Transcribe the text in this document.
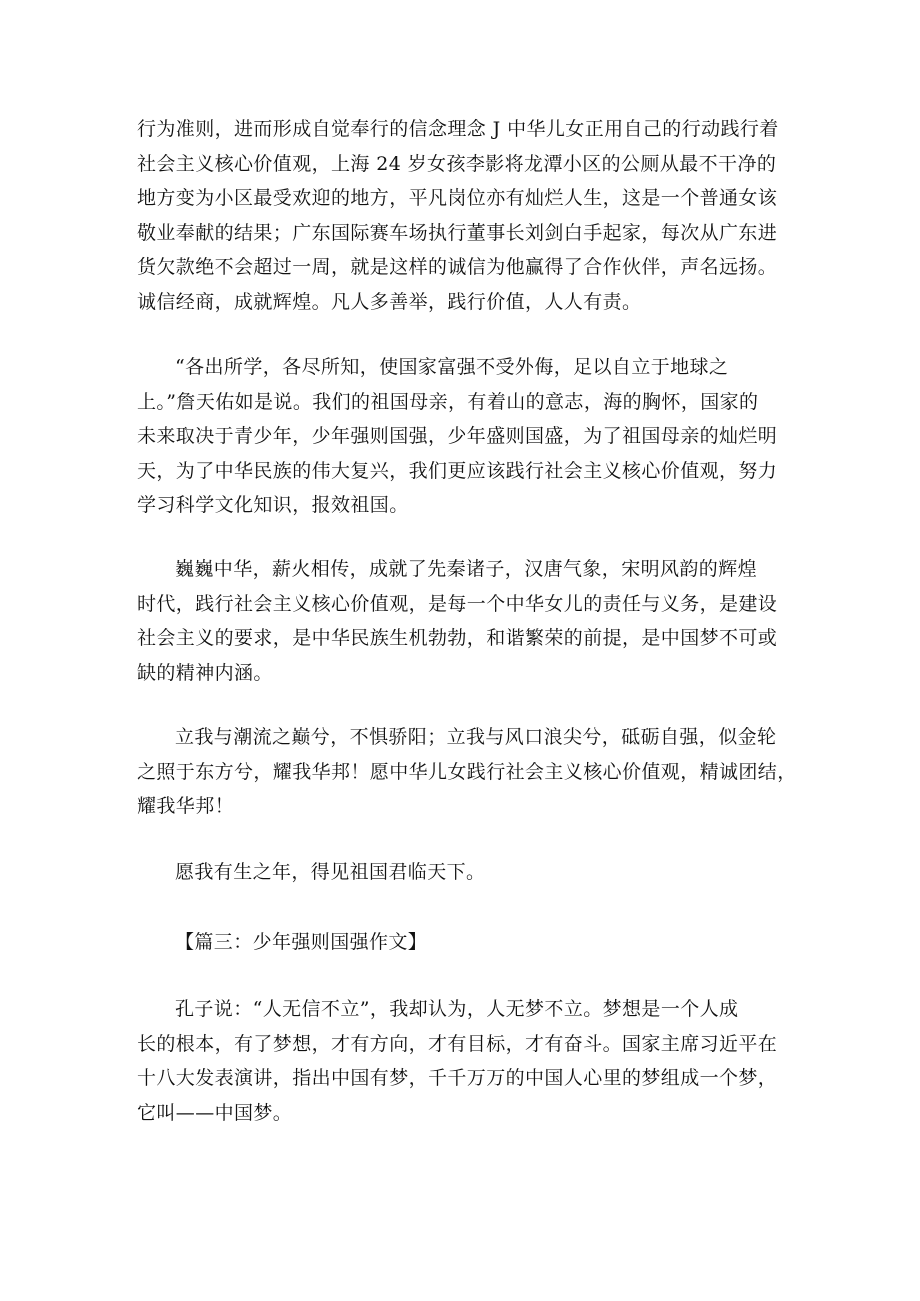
行为准则，进而形成自觉奉行的信念理念 J 中华儿女正用自己的行动践行着
社会主义核心价值观，上海 24 岁女孩李影将龙潭小区的公厕从最不干净的
地方变为小区最受欢迎的地方，平凡岗位亦有灿烂人生，这是一个普通女该
敬业奉献的结果；广东国际赛车场执行董事长刘剑白手起家，每次从广东进
货欠款绝不会超过一周，就是这样的诚信为他赢得了合作伙伴，声名远扬。
诚信经商，成就辉煌。凡人多善举，践行价值，人人有责。
“各出所学，各尽所知，使国家富强不受外侮，足以自立于地球之
上。”詹天佑如是说。我们的祖国母亲，有着山的意志，海的胸怀，国家的
未来取决于青少年，少年强则国强，少年盛则国盛，为了祖国母亲的灿烂明
天，为了中华民族的伟大复兴，我们更应该践行社会主义核心价值观，努力
学习科学文化知识，报效祖国。
巍巍中华，薪火相传，成就了先秦诸子，汉唐气象，宋明风韵的辉煌
时代，践行社会主义核心价值观，是每一个中华女儿的责任与义务，是建设
社会主义的要求，是中华民族生机勃勃，和谐繁荣的前提，是中国梦不可或
缺的精神内涵。
立我与潮流之巅兮，不惧骄阳；立我与风口浪尖兮，砥砺自强，似金轮
之照于东方兮，耀我华邦！愿中华儿女践行社会主义核心价值观，精诚团结，
耀我华邦！
愿我有生之年，得见祖国君临天下。
【篇三：少年强则国强作文】
孔子说：“人无信不立”，我却认为，人无梦不立。梦想是一个人成
长的根本，有了梦想，才有方向，才有目标，才有奋斗。国家主席习近平在
十八大发表演讲，指出中国有梦，千千万万的中国人心里的梦组成一个梦，
它叫——中国梦。
